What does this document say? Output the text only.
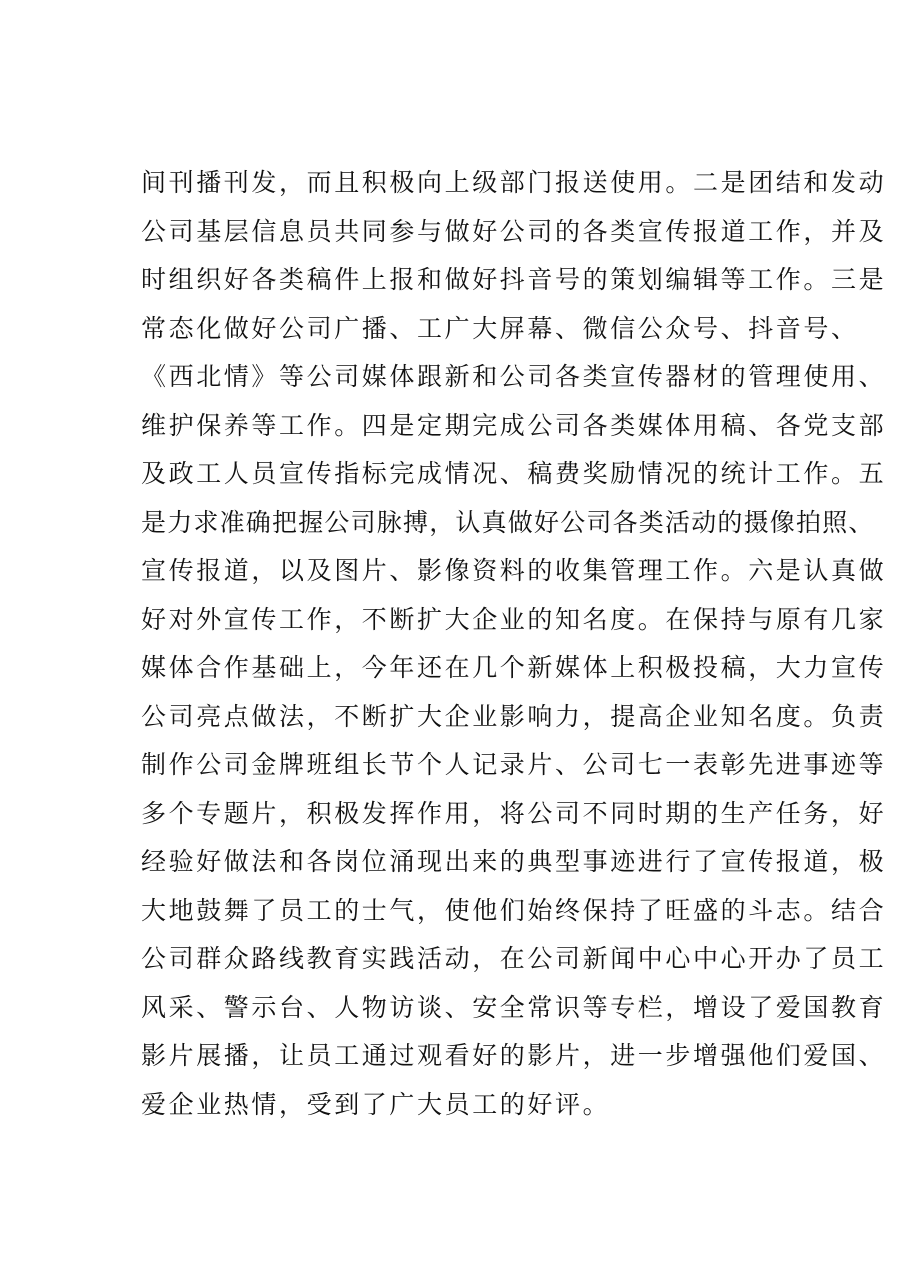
间刊播刊发，而且积极向上级部门报送使用。二是团结和发动
公司基层信息员共同参与做好公司的各类宣传报道工作，并及
时组织好各类稿件上报和做好抖音号的策划编辑等工作。三是
常态化做好公司广播、工广大屏幕、微信公众号、抖音号、
《西北情》等公司媒体跟新和公司各类宣传器材的管理使用、
维护保养等工作。四是定期完成公司各类媒体用稿、各党支部
及政工人员宣传指标完成情况、稿费奖励情况的统计工作。五
是力求准确把握公司脉搏，认真做好公司各类活动的摄像拍照、
宣传报道，以及图片、影像资料的收集管理工作。六是认真做
好对外宣传工作，不断扩大企业的知名度。在保持与原有几家
媒体合作基础上，今年还在几个新媒体上积极投稿，大力宣传
公司亮点做法，不断扩大企业影响力，提高企业知名度。负责
制作公司金牌班组长节个人记录片、公司七一表彰先进事迹等
多个专题片，积极发挥作用，将公司不同时期的生产任务，好
经验好做法和各岗位涌现出来的典型事迹进行了宣传报道，极
大地鼓舞了员工的士气，使他们始终保持了旺盛的斗志。结合
公司群众路线教育实践活动，在公司新闻中心中心开办了员工
风采、警示台、人物访谈、安全常识等专栏，增设了爱国教育
影片展播，让员工通过观看好的影片，进一步增强他们爱国、
爱企业热情，受到了广大员工的好评。
